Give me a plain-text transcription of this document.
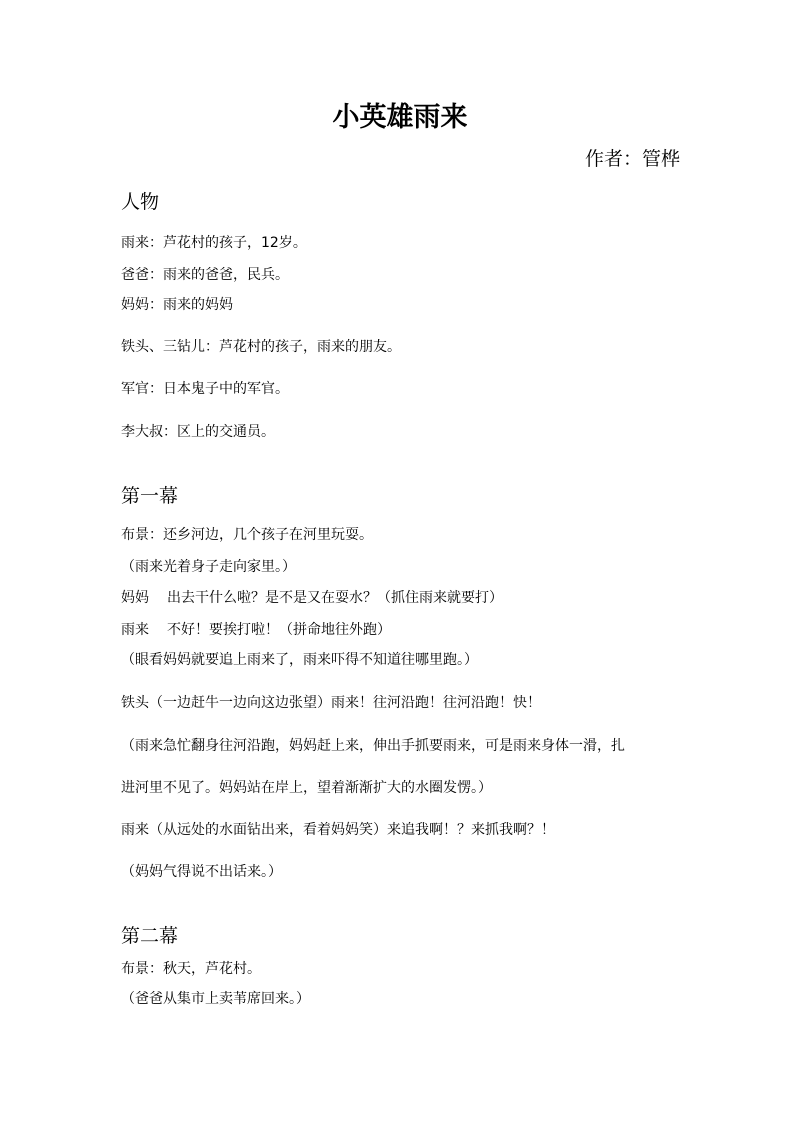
小英雄雨来

作者：管桦

人物

雨来：芦花村的孩子，12岁。

爸爸：雨来的爸爸，民兵。

妈妈：雨来的妈妈

铁头、三钻儿：芦花村的孩子，雨来的朋友。

军官：日本鬼子中的军官。

李大叔：区上的交通员。

第一幕

布景：还乡河边，几个孩子在河里玩耍。

（雨来光着身子走向家里。）

妈妈 出去干什么啦？是不是又在耍水？（抓住雨来就要打）

雨来 不好！要挨打啦！（拼命地往外跑）

（眼看妈妈就要追上雨来了，雨来吓得不知道往哪里跑。）

铁头（一边赶牛一边向这边张望）雨来！往河沿跑！往河沿跑！快！

（雨来急忙翻身往河沿跑，妈妈赶上来，伸出手抓要雨来，可是雨来身体一滑，扎

进河里不见了。妈妈站在岸上，望着渐渐扩大的水圈发愣。）

雨来（从远处的水面钻出来，看着妈妈笑）来追我啊！？来抓我啊？！

（妈妈气得说不出话来。）

第二幕

布景：秋天，芦花村。

（爸爸从集市上卖苇席回来。）
